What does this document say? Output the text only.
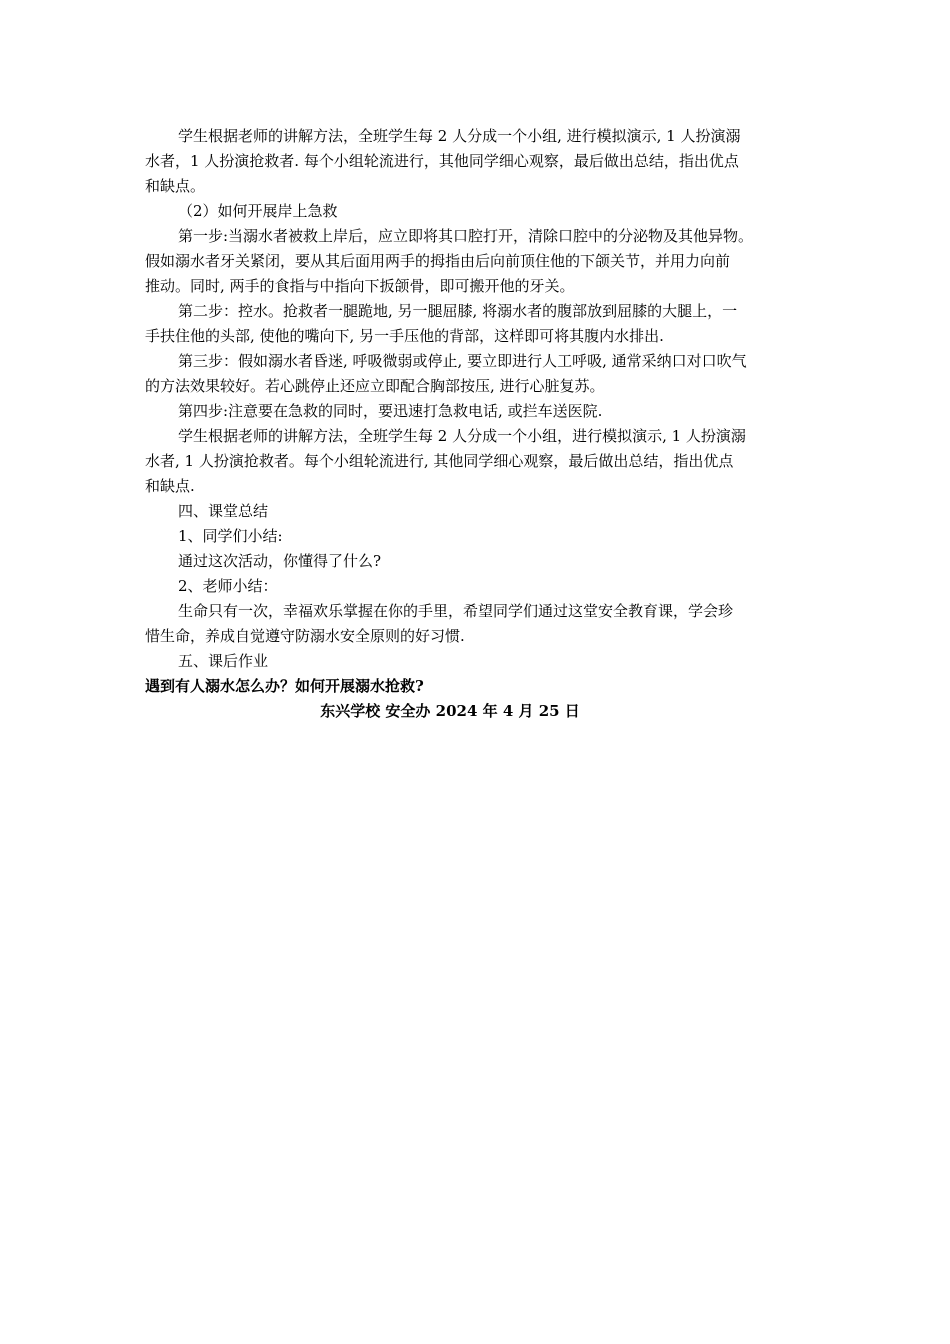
学生根据老师的讲解方法，全班学生每 2 人分成一个小组, 进行模拟演示, 1 人扮演溺

水者，1 人扮演抢救者. 每个小组轮流进行，其他同学细心观察，最后做出总结，指出优点

和缺点。

（2）如何开展岸上急救

第一步:当溺水者被救上岸后，应立即将其口腔打开，清除口腔中的分泌物及其他异物。

假如溺水者牙关紧闭，要从其后面用两手的拇指由后向前顶住他的下颌关节，并用力向前

推动。同时, 两手的食指与中指向下扳颌骨，即可搬开他的牙关。

第二步：控水。抢救者一腿跪地, 另一腿屈膝, 将溺水者的腹部放到屈膝的大腿上，一

手扶住他的头部, 使他的嘴向下, 另一手压他的背部，这样即可将其腹内水排出.

第三步：假如溺水者昏迷, 呼吸微弱或停止, 要立即进行人工呼吸, 通常采纳口对口吹气

的方法效果较好。若心跳停止还应立即配合胸部按压, 进行心脏复苏。

第四步:注意要在急救的同时，要迅速打急救电话, 或拦车送医院.

学生根据老师的讲解方法，全班学生每 2 人分成一个小组，进行模拟演示, 1 人扮演溺

水者, 1 人扮演抢救者。每个小组轮流进行, 其他同学细心观察，最后做出总结，指出优点

和缺点.

四、课堂总结

1、同学们小结:

通过这次活动，你懂得了什么?

2、老师小结：

生命只有一次，幸福欢乐掌握在你的手里，希望同学们通过这堂安全教育课，学会珍

惜生命，养成自觉遵守防溺水安全原则的好习惯.

五、课后作业

遇到有人溺水怎么办？如何开展溺水抢救?

东兴学校 安全办 2024 年 4 月 25 日
